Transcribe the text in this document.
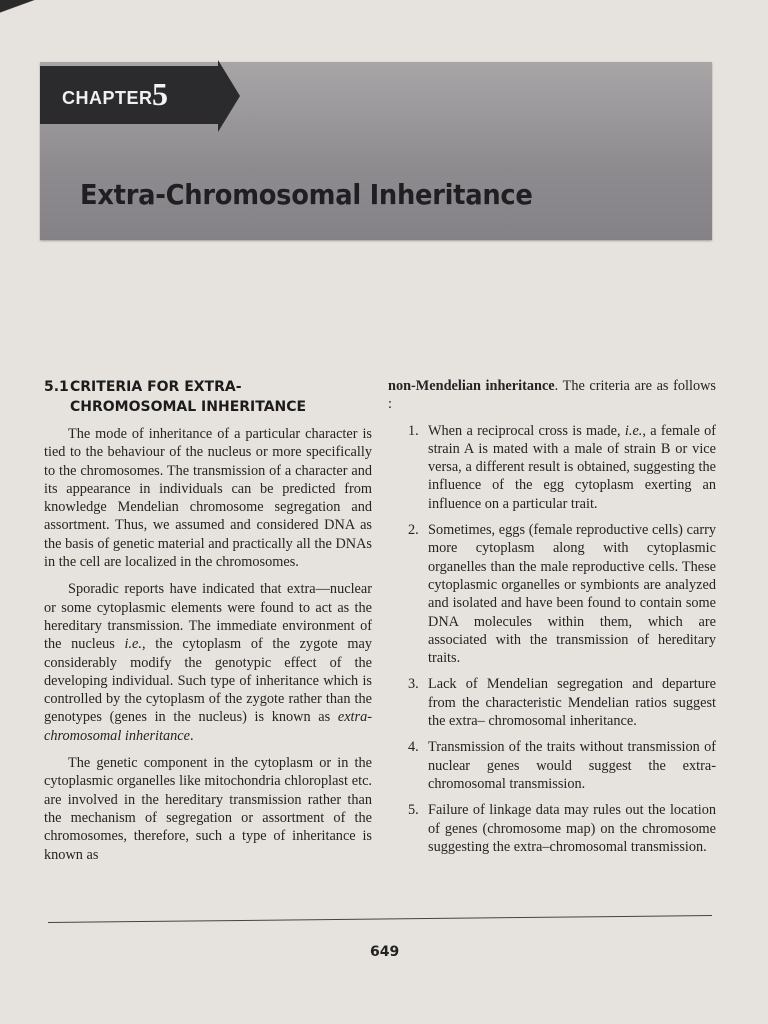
CHAPTER 5
Extra-Chromosomal Inheritance
5.1CRITERIA FOR EXTRA-
CHROMOSOMAL INHERITANCE

The mode of inheritance of a particular character is tied to the behaviour of the nucleus or more specifically to the chromosomes. The transmission of a character and its appearance in individuals can be predicted from knowledge Mendelian chromosome segregation and assortment. Thus, we assumed and considered DNA as the basis of genetic material and practically all the DNAs in the cell are localized in the chromosomes.

Sporadic reports have indicated that extra—nuclear or some cytoplasmic elements were found to act as the hereditary transmission. The immediate environment of the nucleus i.e., the cytoplasm of the zygote may considerably modify the genotypic effect of the developing individual. Such type of inheritance which is controlled by the cytoplasm of the zygote rather than the genotypes (genes in the nucleus) is known as extra-chromosomal inheritance.

The genetic component in the cytoplasm or in the cytoplasmic organelles like mitochondria chloroplast etc. are involved in the hereditary transmission rather than the mechanism of segregation or assortment of the chromosomes, therefore, such a type of inheritance is known as

non-Mendelian inheritance. The criteria are as follows :

1. When a reciprocal cross is made, i.e., a female of strain A is mated with a male of strain B or vice versa, a different result is obtained, suggesting the influence of the egg cytoplasm exerting an influence on a particular trait.
2. Sometimes, eggs (female reproductive cells) carry more cytoplasm along with cytoplasmic organelles than the male reproductive cells. These cytoplasmic organelles or symbionts are analyzed and isolated and have been found to contain some DNA molecules within them, which are associated with the transmission of hereditary traits.
3. Lack of Mendelian segregation and departure from the characteristic Mendelian ratios suggest the extra– chromosomal inheritance.
4. Transmission of the traits without transmission of nuclear genes would suggest the extra-chromosomal transmission.
5. Failure of linkage data may rules out the location of genes (chromosome map) on the chromosome suggesting the extra–chromosomal transmission.
649
